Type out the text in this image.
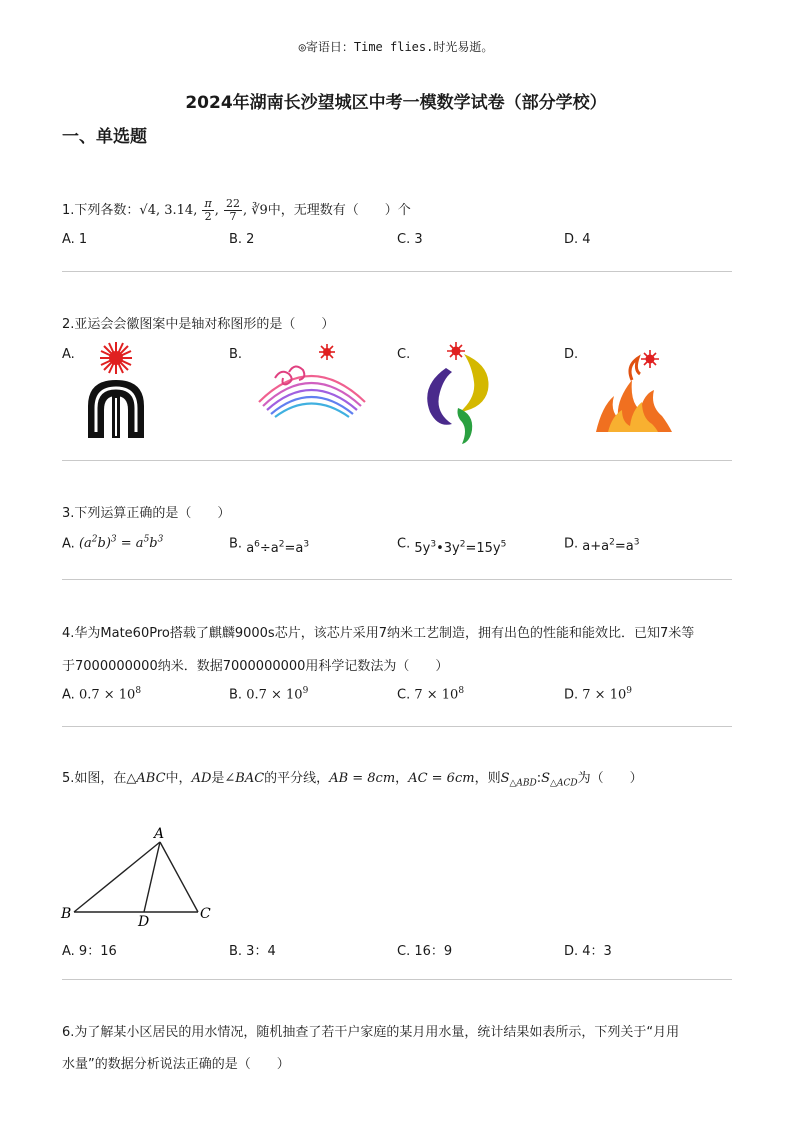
◎寄语日：Time flies.时光易逝。
2024年湖南长沙望城区中考一模数学试卷（部分学校）
一、单选题
1.下列各数：√4, 3.14, $\frac{\pi}{2}$ , $\frac{22}{7}$ , ∛9中，无理数有（　　）个
A. 1	B. 2	C. 3	D. 4
2.亚运会会徽图案中是轴对称图形的是（　　）
A.	B.	C.	D.
3.下列运算正确的是（　　）
A. $(a^2b)^3 = a^5b^3$	B. $a^6\div a^2=a^3$	C. $5y^3•3y^2=15y^5$	D. $a+a^2=a^3$
4.华为Mate60Pro搭载了麒麟9000s芯片，该芯片采用7纳米工艺制造，拥有出色的性能和能效比．已知7米等
于7000000000纳米．数据7000000000用科学记数法为（　　）
A. $0.7 \times 10^8$	B. $0.7 \times 10^9$	C. $7 \times 10^8$	D. $7 \times 10^9$
5.如图，在△ABC中，AD是∠BAC的平分线，AB = 8cm，AC = 6cm，则$S_{\triangle ABD}:S_{\triangle ACD}$为（　　）
A
B	C
D
A. 9：16	B. 3：4	C. 16：9	D. 4：3
6.为了解某小区居民的用水情况，随机抽查了若干户家庭的某月用水量，统计结果如表所示，下列关于“月用
水量”的数据分析说法正确的是（　　）
